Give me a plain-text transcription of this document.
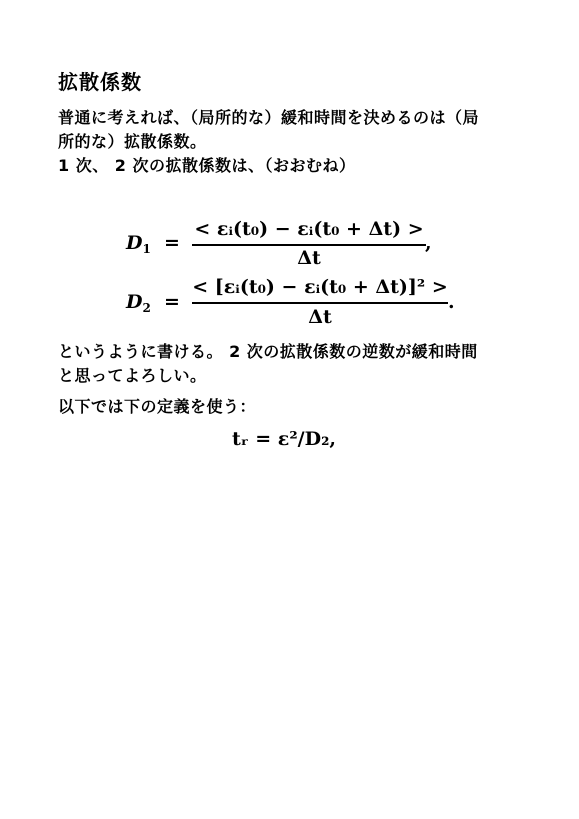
拡散係数
普通に考えれば、（局所的な）緩和時間を決めるのは（局
所的な）拡散係数。
1 次、 2 次の拡散係数は、（おおむね）
$D_1$ =
< εᵢ(t₀) − εᵢ(t₀ + Δt) >
Δt
,
$D_2$ =
< [εᵢ(t₀) − εᵢ(t₀ + Δt)]² >
Δt
.
というように書ける。 2 次の拡散係数の逆数が緩和時間
と思ってよろしい。
以下では下の定義を使う：
tᵣ = ε²/D₂,
